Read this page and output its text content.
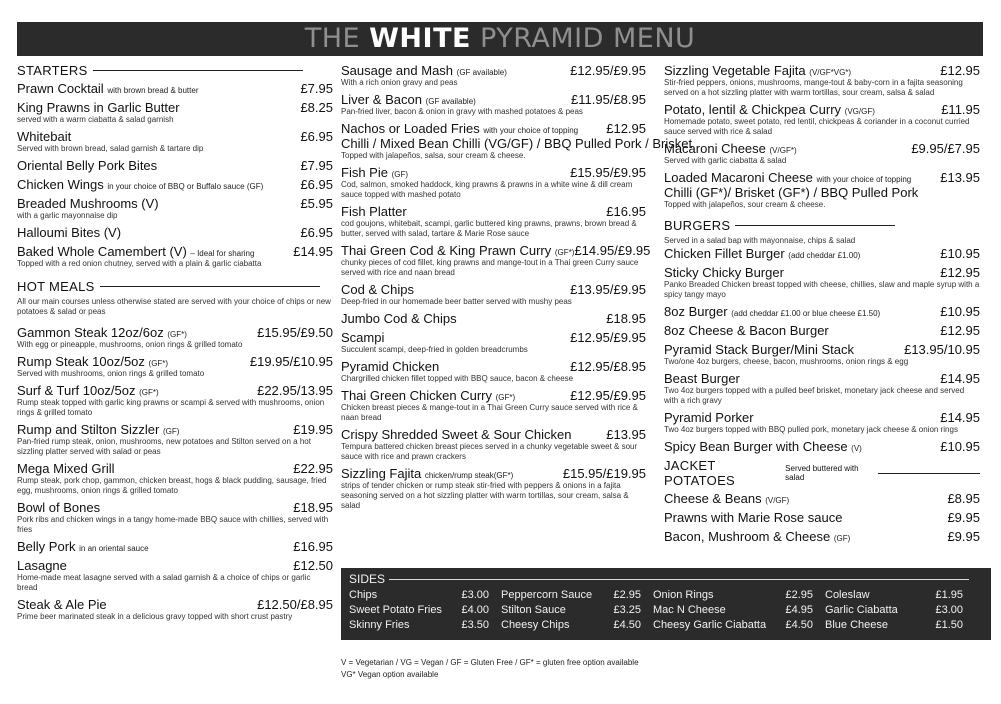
THE WHITE PYRAMID MENU
STARTERS
Prawn Cocktail with brown bread & butter	£7.95
King Prawns in Garlic Butter	£8.25
served with a warm ciabatta & salad garnish
Whitebait	£6.95
Served with brown bread, salad garnish & tartare dip
Oriental Belly Pork Bites	£7.95
Chicken Wings in your choice of BBQ or Buffalo sauce (GF)	£6.95
Breaded Mushrooms (V)	£5.95
with a garlic mayonnaise dip
Halloumi Bites (V)	£6.95
Baked Whole Camembert (V) – Ideal for sharing	£14.95
Topped with a red onion chutney, served with a plain & garlic ciabatta
HOT MEALS
All our main courses unless otherwise stated are served with your choice of chips or new potatoes & salad or peas
Gammon Steak 12oz/6oz (GF*)	£15.95/£9.50
With egg or pineapple, mushrooms, onion rings & grilled tomato
Rump Steak 10oz/5oz (GF*)	£19.95/£10.95
Served with mushrooms, onion rings & grilled tomato
Surf & Turf 10oz/5oz (GF*)	£22.95/13.95
Rump steak topped with garlic king prawns or scampi & served with mushrooms, onion rings & grilled tomato
Rump and Stilton Sizzler (GF)	£19.95
Pan-fried rump steak, onion, mushrooms, new potatoes and Stilton served on a hot sizzling platter served with salad or peas
Mega Mixed Grill	£22.95
Rump steak, pork chop, gammon, chicken breast, hogs & black pudding, sausage, fried egg, mushrooms, onion rings & grilled tomato
Bowl of Bones	£18.95
Pork ribs and chicken wings in a tangy home-made BBQ sauce with chillies, served with fries
Belly Pork in an oriental sauce	£16.95
Lasagne	£12.50
Home-made meat lasagne served with a salad garnish & a choice of chips or garlic bread
Steak & Ale Pie	£12.50/£8.95
Prime beer marinated steak in a delicious gravy topped with short crust pastry
Sausage and Mash (GF available)	£12.95/£9.95
With a rich onion gravy and peas
Liver & Bacon (GF available)	£11.95/£8.95
Pan-fried liver, bacon & onion in gravy with mashed potatoes & peas
Nachos or Loaded Fries with your choice of topping £12.95
Chilli / Mixed Bean Chilli (VG/GF) / BBQ Pulled Pork / Brisket
Topped with jalapeños, salsa, sour cream & cheese.
Fish Pie (GF)	£15.95/£9.95
Cod, salmon, smoked haddock, king prawns & prawns in a white wine & dill cream sauce topped with mashed potato
Fish Platter	£16.95
cod goujons, whitebait, scampi, garlic buttered king prawns, prawns, brown bread & butter, served with salad, tartare & Marie Rose sauce
Thai Green Cod & King Prawn Curry (GF*) £14.95/£9.95
chunky pieces of cod fillet, king prawns and mange-tout in a Thai green Curry sauce served with rice and naan bread
Cod & Chips	£13.95/£9.95
Deep-fried in our homemade beer batter served with mushy peas
Jumbo Cod & Chips	£18.95
Scampi	£12.95/£9.95
Succulent scampi, deep-fried in golden breadcrumbs
Pyramid Chicken	£12.95/£8.95
Chargrilled chicken fillet topped with BBQ sauce, bacon & cheese
Thai Green Chicken Curry (GF*)	£12.95/£9.95
Chicken breast pieces & mange-tout in a Thai Green Curry sauce served with rice & naan bread
Crispy Shredded Sweet & Sour Chicken	£13.95
Tempura battered chicken breast pieces served in a chunky vegetable sweet & sour sauce with rice and prawn crackers
Sizzling Fajita chicken/rump steak(GF*)	£15.95/£19.95
strips of tender chicken or rump steak stir-fried with peppers & onions in a fajita seasoning served on a hot sizzling platter with warm tortillas, sour cream, salsa & salad
Sizzling Vegetable Fajita (V/GF*VG*)	£12.95
Stir-fried peppers, onions, mushrooms, mange-tout & baby-corn in a fajita seasoning served on a hot sizzling platter with warm tortillas, sour cream, salsa & salad
Potato, lentil & Chickpea Curry (VG/GF)	£11.95
Homemade potato, sweet potato, red lentil, chickpeas & coriander in a coconut curried sauce served with rice & salad
Macaroni Cheese (V/GF*)	£9.95/£7.95
Served with garlic ciabatta & salad
Loaded Macaroni Cheese with your choice of topping £13.95
Chilli (GF*)/ Brisket (GF*) / BBQ Pulled Pork
Topped with jalapeños, sour cream & cheese.
BURGERS
Served in a salad bap with mayonnaise, chips & salad
Chicken Fillet Burger (add cheddar £1.00)	£10.95
Sticky Chicky Burger	£12.95
Panko Breaded Chicken breast topped with cheese, chillies, slaw and maple syrup with a spicy tangy mayo
8oz Burger (add cheddar £1.00 or blue cheese £1.50)	£10.95
8oz Cheese & Bacon Burger	£12.95
Pyramid Stack Burger/Mini Stack	£13.95/10.95
Two/one 4oz burgers, cheese, bacon, mushrooms, onion rings & egg
Beast Burger	£14.95
Two 4oz burgers topped with a pulled beef brisket, monetary jack cheese and served with a rich gravy
Pyramid Porker	£14.95
Two 4oz burgers topped with BBQ pulled pork, monetary jack cheese & onion rings
Spicy Bean Burger with Cheese (V)	£10.95
JACKET POTATOES
Served buttered with salad
Cheese & Beans (V/GF)	£8.95
Prawns with Marie Rose sauce	£9.95
Bacon, Mushroom & Cheese (GF)	£9.95
SIDES
Chips	£3.00 Peppercorn Sauce £2.95 Onion Rings	£2.95 Coleslaw	£1.95
Sweet Potato Fries £4.00 Stilton Sauce	£3.25 Mac N Cheese	£4.95 Garlic Ciabatta	£3.00
Skinny Fries	£3.50 Cheesy Chips	£4.50 Cheesy Garlic Ciabatta £4.50 Blue Cheese	£1.50
V = Vegetarian / VG = Vegan / GF = Gluten Free / GF* = gluten free option available
VG* Vegan option available
